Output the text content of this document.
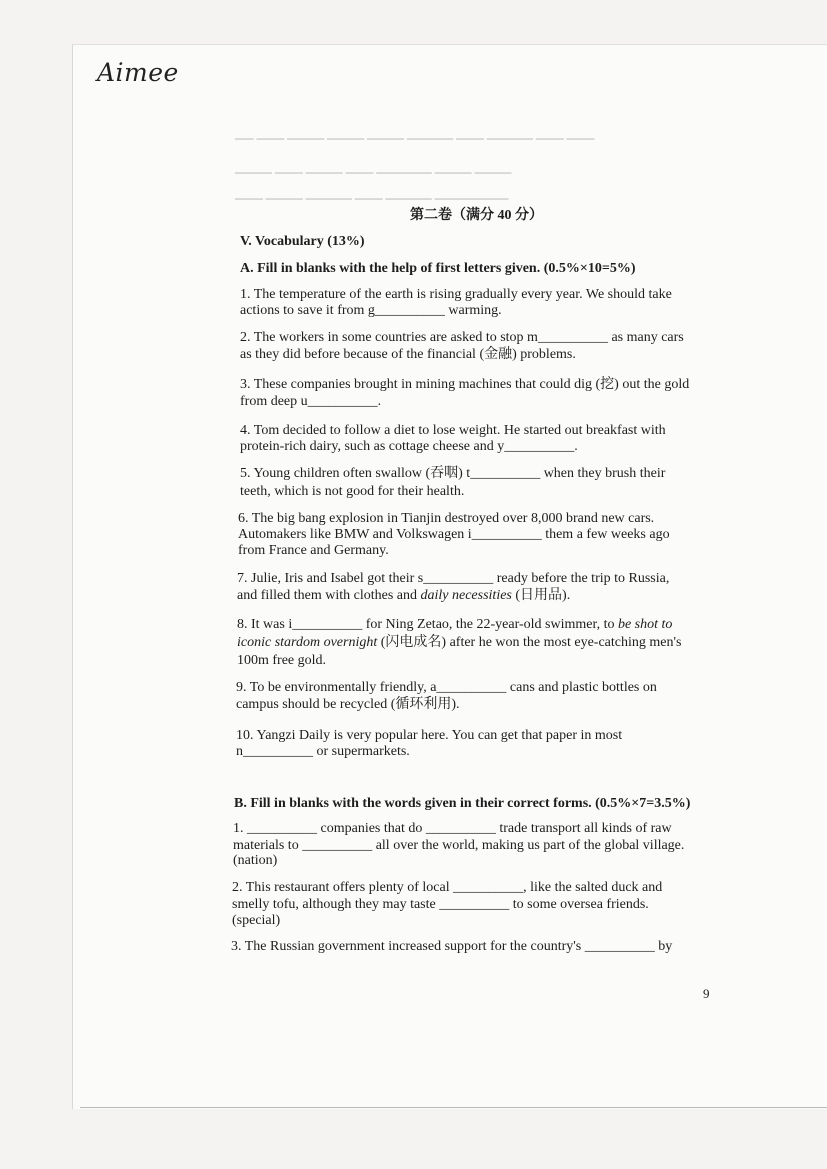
Aimee
▁▁ ▁▁▁ ▁▁▁▁ ▁▁▁▁ ▁▁▁▁ ▁▁▁▁▁ ▁▁▁ ▁▁▁▁▁ ▁▁▁ ▁▁▁
▁▁▁▁ ▁▁▁ ▁▁▁▁ ▁▁▁ ▁▁▁▁▁▁ ▁▁▁▁ ▁▁▁▁
▁▁▁ ▁▁▁▁ ▁▁▁▁▁ ▁▁▁ ▁▁▁▁▁ ▁▁▁▁▁▁▁▁
第二卷（满分 40 分）
V. Vocabulary (13%)
A. Fill in blanks with the help of first letters given. (0.5%×10=5%)
1. The temperature of the earth is rising gradually every year. We should take
actions to save it from g__________ warming.
2. The workers in some countries are asked to stop m__________ as many cars
as they did before because of the financial (金融) problems.
3. These companies brought in mining machines that could dig (挖) out the gold
from deep u__________.
4. Tom decided to follow a diet to lose weight. He started out breakfast with
protein-rich dairy, such as cottage cheese and y__________.
5. Young children often swallow (吞咽) t__________ when they brush their
teeth, which is not good for their health.
6. The big bang explosion in Tianjin destroyed over 8,000 brand new cars.
Automakers like BMW and Volkswagen i__________ them a few weeks ago
from France and Germany.
7. Julie, Iris and Isabel got their s__________ ready before the trip to Russia,
and filled them with clothes and daily necessities (日用品).
8. It was i__________ for Ning Zetao, the 22-year-old swimmer, to be shot to
iconic stardom overnight (闪电成名) after he won the most eye-catching men's
100m free gold.
9. To be environmentally friendly, a__________ cans and plastic bottles on
campus should be recycled (循环利用).
10. Yangzi Daily is very popular here. You can get that paper in most
n__________ or supermarkets.
B. Fill in blanks with the words given in their correct forms. (0.5%×7=3.5%)
1. __________ companies that do __________ trade transport all kinds of raw
materials to __________ all over the world, making us part of the global village.
(nation)
2. This restaurant offers plenty of local __________, like the salted duck and
smelly tofu, although they may taste __________ to some oversea friends.
(special)
3. The Russian government increased support for the country's __________ by
9
